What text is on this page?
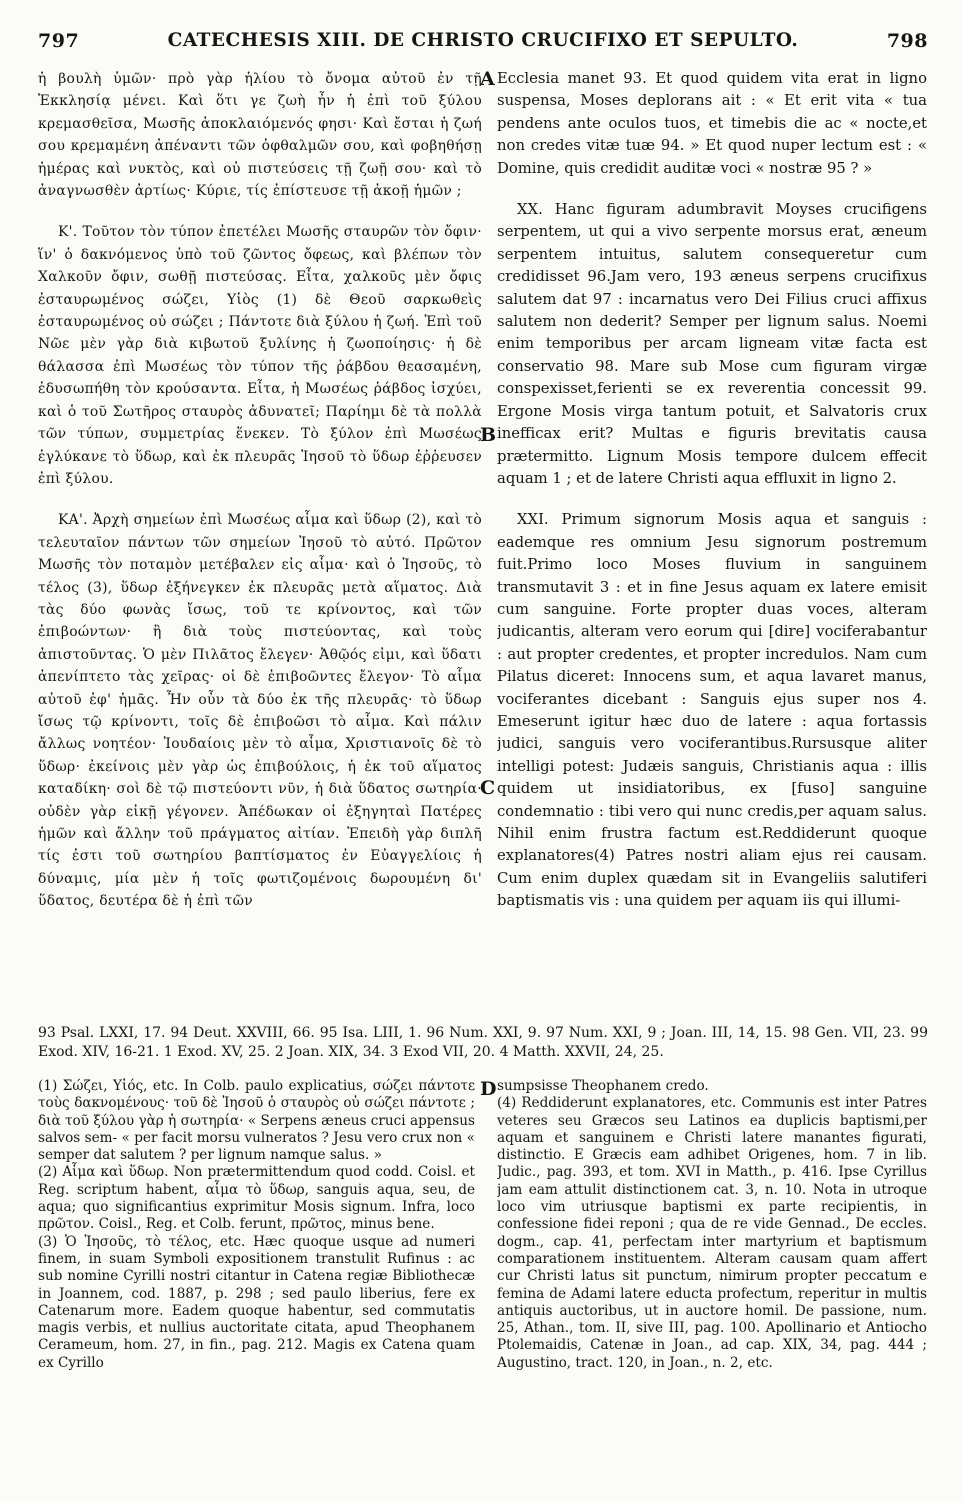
797	CATECHESIS XIII. DE CHRISTO CRUCIFIXO ET SEPULTO.	798
A
B
C
D

ἡ βουλὴ ὑμῶν· πρὸ γὰρ ἡλίου τὸ ὄνομα αὐτοῦ ἐν τῇ Ἐκκλησίᾳ μένει. Καὶ ὅτι γε ζωὴ ἦν ἡ ἐπὶ τοῦ ξύλου κρεμασθεῖσα, Μωσῆς ἀποκλαιόμενός φησι· Καὶ ἔσται ἡ ζωή σου κρεμαμένη ἀπέναντι τῶν ὀφθαλμῶν σου, καὶ φοβηθήσῃ ἡμέρας καὶ νυκτὸς, καὶ οὐ πιστεύσεις τῇ ζωῇ σου· καὶ τὸ ἀναγνωσθὲν ἀρτίως· Κύριε, τίς ἐπίστευσε τῇ ἀκοῇ ἡμῶν ;

Κ'. Τοῦτον τὸν τύπον ἐπετέλει Μωσῆς σταυρῶν τὸν ὄφιν· ἵν' ὁ δακνόμενος ὑπὸ τοῦ ζῶντος ὄφεως, καὶ βλέπων τὸν Χαλκοῦν ὄφιν, σωθῇ πιστεύσας. Εἶτα, χαλκοῦς μὲν ὄφις ἐσταυρωμένος σώζει, Υἱὸς (1) δὲ Θεοῦ σαρκωθεὶς ἐσταυρωμένος οὐ σώζει ; Πάντοτε διὰ ξύλου ἡ ζωή. Ἐπὶ τοῦ Νῶε μὲν γὰρ διὰ κιβωτοῦ ξυλίνης ἡ ζωοποίησις· ἡ δὲ θάλασσα ἐπὶ Μωσέως τὸν τύπον τῆς ῥάβδου θεασαμένη, ἐδυσωπήθη τὸν κρούσαντα. Εἶτα, ἡ Μωσέως ῥάβδος ἰσχύει, καὶ ὁ τοῦ Σωτῆρος σταυρὸς ἀδυνατεῖ; Παρίημι δὲ τὰ πολλὰ τῶν τύπων, συμμετρίας ἕνεκεν. Τὸ ξύλον ἐπὶ Μωσέως ἐγλύκανε τὸ ὕδωρ, καὶ ἐκ πλευρᾶς Ἰησοῦ τὸ ὕδωρ ἐῤῥευσεν ἐπὶ ξύλου.

ΚΑ'. Ἀρχὴ σημείων ἐπὶ Μωσέως αἷμα καὶ ὕδωρ (2), καὶ τὸ τελευταῖον πάντων τῶν σημείων Ἰησοῦ τὸ αὐτό. Πρῶτον Μωσῆς τὸν ποταμὸν μετέβαλεν εἰς αἷμα· καὶ ὁ Ἰησοῦς, τὸ τέλος (3), ὕδωρ ἐξήνεγκεν ἐκ πλευρᾶς μετὰ αἵματος. Διὰ τὰς δύο φωνὰς ἴσως, τοῦ τε κρίνοντος, καὶ τῶν ἐπιβοώντων· ἢ διὰ τοὺς πιστεύοντας, καὶ τοὺς ἀπιστοῦντας. Ὁ μὲν Πιλᾶτος ἔλεγεν· Ἀθῷός εἰμι, καὶ ὕδατι ἀπενίπτετο τὰς χεῖρας· οἱ δὲ ἐπιβοῶντες ἔλεγον· Τὸ αἷμα αὐτοῦ ἐφ' ἡμᾶς. Ἦν οὖν τὰ δύο ἐκ τῆς πλευρᾶς· τὸ ὕδωρ ἴσως τῷ κρίνοντι, τοῖς δὲ ἐπιβοῶσι τὸ αἷμα. Καὶ πάλιν ἄλλως νοητέον· Ἰουδαίοις μὲν τὸ αἷμα, Χριστιανοῖς δὲ τὸ ὕδωρ· ἐκείνοις μὲν γὰρ ὡς ἐπιβούλοις, ἡ ἐκ τοῦ αἵματος καταδίκη· σοὶ δὲ τῷ πιστεύοντι νῦν, ἡ διὰ ὕδατος σωτηρία· οὐδὲν γὰρ εἰκῇ γέγονεν. Ἀπέδωκαν οἱ ἐξηγηταὶ Πατέρες ἡμῶν καὶ ἄλλην τοῦ πράγματος αἰτίαν. Ἐπειδὴ γὰρ διπλῆ τίς ἐστι τοῦ σωτηρίου βαπτίσματος ἐν Εὐαγγελίοις ἡ δύναμις, μία μὲν ἡ τοῖς φωτιζομένοις δωρουμένη δι' ὕδατος, δευτέρα δὲ ἡ ἐπὶ τῶν

Ecclesia manet 93. Et quod quidem vita erat in ligno suspensa, Moses deplorans ait : « Et erit vita « tua pendens ante oculos tuos, et timebis die ac « nocte,et non credes vitæ tuæ 94. » Et quod nuper lectum est : « Domine, quis credidit auditæ voci « nostræ 95 ? »

XX. Hanc figuram adumbravit Moyses crucifigens serpentem, ut qui a vivo serpente morsus erat, æneum serpentem intuitus, salutem consequeretur cum credidisset 96.Jam vero, 193 æneus serpens crucifixus salutem dat 97 : incarnatus vero Dei Filius cruci affixus salutem non dederit? Semper per lignum salus. Noemi enim temporibus per arcam ligneam vitæ facta est conservatio 98. Mare sub Mose cum figuram virgæ conspexisset,ferienti se ex reverentia concessit 99. Ergone Mosis virga tantum potuit, et Salvatoris crux inefficax erit? Multas e figuris brevitatis causa prætermitto. Lignum Mosis tempore dulcem effecit aquam 1 ; et de latere Christi aqua effluxit in ligno 2.

XXI. Primum signorum Mosis aqua et sanguis : eademque res omnium Jesu signorum postremum fuit.Primo loco Moses fluvium in sanguinem transmutavit 3 : et in fine Jesus aquam ex latere emisit cum sanguine. Forte propter duas voces, alteram judicantis, alteram vero eorum qui [dire] vociferabantur : aut propter credentes, et propter incredulos. Nam cum Pilatus diceret: Innocens sum, et aqua lavaret manus, vociferantes dicebant : Sanguis ejus super nos 4. Emeserunt igitur hæc duo de latere : aqua fortassis judici, sanguis vero vociferantibus.Rursusque aliter intelligi potest: Judæis sanguis, Christianis aqua : illis quidem ut insidiatoribus, ex [fuso] sanguine condemnatio : tibi vero qui nunc credis,per aquam salus. Nihil enim frustra factum est.Reddiderunt quoque explanatores(4) Patres nostri aliam ejus rei causam. Cum enim duplex quædam sit in Evangeliis salutiferi baptismatis vis : una quidem per aquam iis qui illumi-

93 Psal. LXXI, 17. 94 Deut. XXVIII, 66. 95 Isa. LIII, 1. 96 Num. XXI, 9. 97 Num. XXI, 9 ; Joan. III, 14, 15. 98 Gen. VII, 23. 99 Exod. XIV, 16-21. 1 Exod. XV, 25. 2 Joan. XIX, 34. 3 Exod VII, 20. 4 Matth. XXVII, 24, 25.

(1) Σώζει, Υἱός, etc. In Colb. paulo explicatius, σώζει πάντοτε τοὺς δακνομένους· τοῦ δὲ Ἰησοῦ ὁ σταυρὸς οὐ σώζει πάντοτε ; διὰ τοῦ ξύλου γὰρ ἡ σωτηρία· « Serpens æneus cruci appensus salvos sem- « per facit morsu vulneratos ? Jesu vero crux non « semper dat salutem ? per lignum namque salus. »

(2) Αἷμα καὶ ὕδωρ. Non prætermittendum quod codd. Coisl. et Reg. scriptum habent, αἷμα τὸ ὕδωρ, sanguis aqua, seu, de aqua; quo significantius exprimitur Mosis signum. Infra, loco πρῶτον. Coisl., Reg. et Colb. ferunt, πρῶτος, minus bene.

(3) Ὁ Ἰησοῦς, τὸ τέλος, etc. Hæc quoque usque ad numeri finem, in suam Symboli expositionem transtulit Rufinus : ac sub nomine Cyrilli nostri citantur in Catena regiæ Bibliothecæ in Joannem, cod. 1887, p. 298 ; sed paulo liberius, fere ex Catenarum more. Eadem quoque habentur, sed commutatis magis verbis, et nullius auctoritate citata, apud Theophanem Cerameum, hom. 27, in fin., pag. 212. Magis ex Catena quam ex Cyrillo

sumpsisse Theophanem credo.

(4) Reddiderunt explanatores, etc. Communis est inter Patres veteres seu Græcos seu Latinos ea duplicis baptismi,per aquam et sanguinem e Christi latere manantes figurati, distinctio. E Græcis eam adhibet Origenes, hom. 7 in lib. Judic., pag. 393, et tom. XVI in Matth., p. 416. Ipse Cyrillus jam eam attulit distinctionem cat. 3, n. 10. Nota in utroque loco vim utriusque baptismi ex parte recipientis, in confessione fidei reponi ; qua de re vide Gennad., De eccles. dogm., cap. 41, perfectam inter martyrium et baptismum comparationem instituentem. Alteram causam quam affert cur Christi latus sit punctum, nimirum propter peccatum e femina de Adami latere educta profectum, reperitur in multis antiquis auctoribus, ut in auctore homil. De passione, num. 25, Athan., tom. II, sive III, pag. 100. Apollinario et Antiocho Ptolemaidis, Catenæ in Joan., ad cap. XIX, 34, pag. 444 ; Augustino, tract. 120, in Joan., n. 2, etc.
